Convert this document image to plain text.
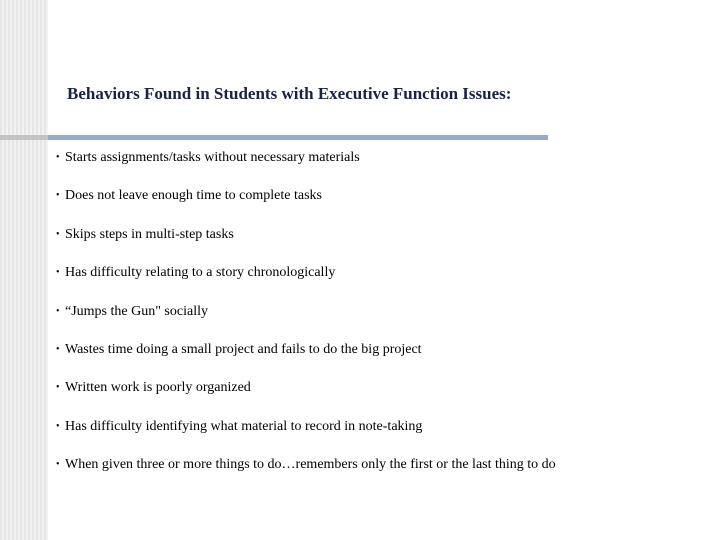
Behaviors Found in Students with Executive Function Issues:
• Starts assignments/tasks without necessary materials
• Does not leave enough time to complete tasks
• Skips steps in multi-step tasks
• Has difficulty relating to a story chronologically
• “Jumps the Gun" socially
• Wastes time doing a small project and fails to do the big project
• Written work is poorly organized
• Has difficulty identifying what material to record in note-taking
• When given three or more things to do…remembers only the first or the last thing to do
